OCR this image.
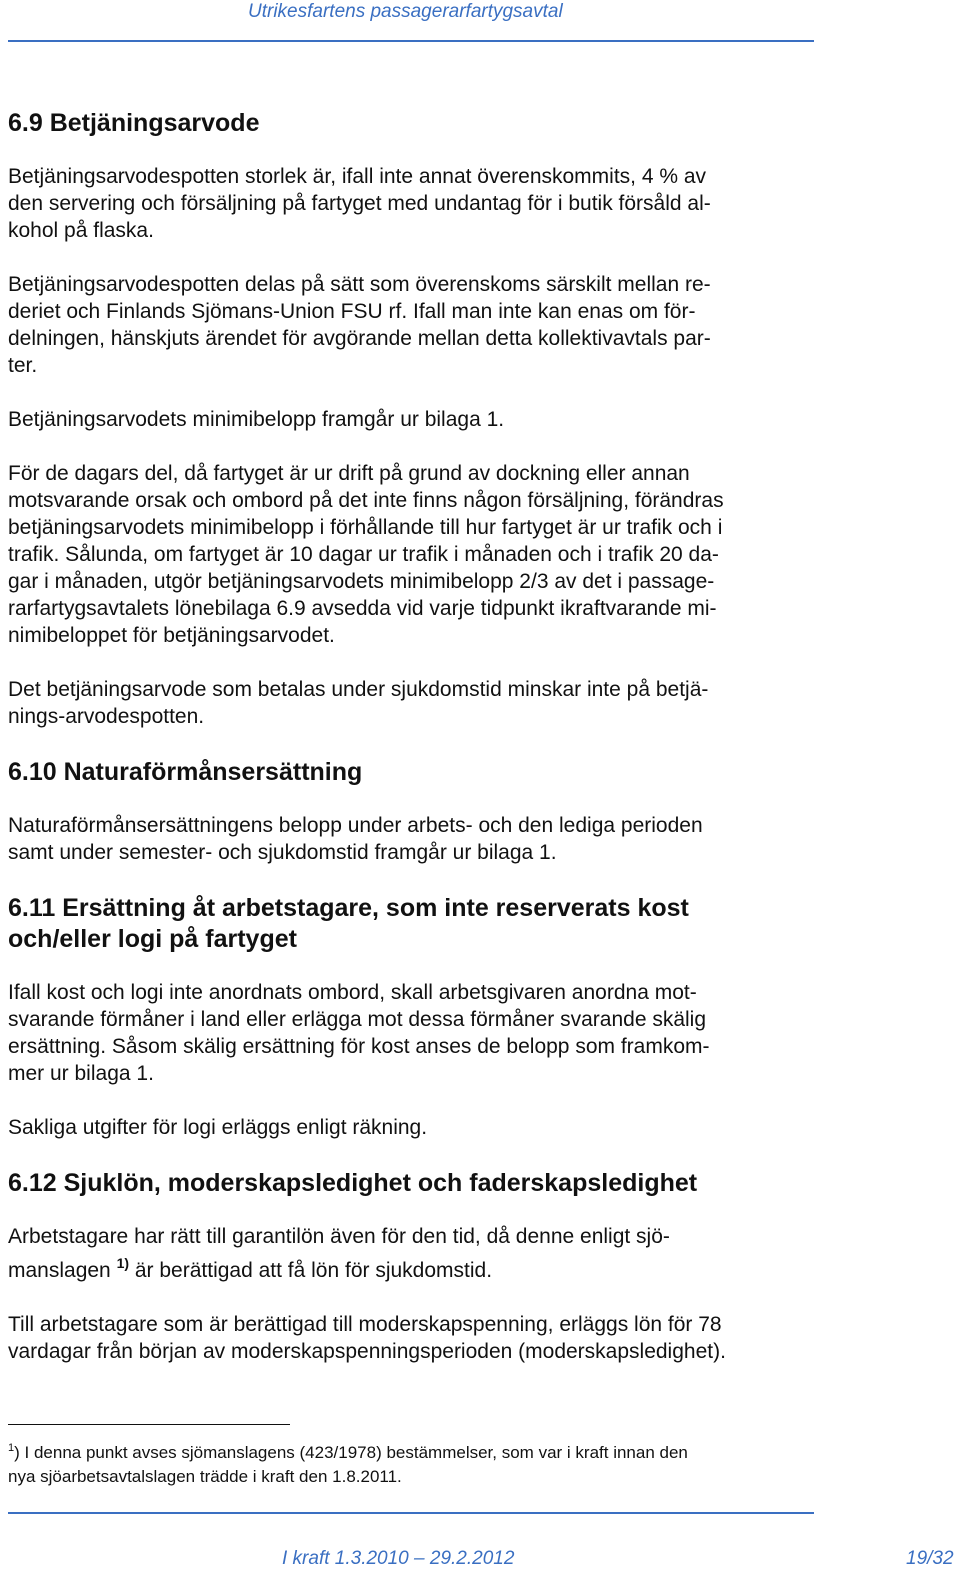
Utrikesfartens passagerarfartygsavtal
6.9 Betjäningsarvode

Betjäningsarvodespotten storlek är, ifall inte annat överenskommits, 4 % av
den servering och försäljning på fartyget med undantag för i butik försåld al-
kohol på flaska.

Betjäningsarvodespotten delas på sätt som överenskoms särskilt mellan re-
deriet och Finlands Sjömans-Union FSU rf. Ifall man inte kan enas om för-
delningen, hänskjuts ärendet för avgörande mellan detta kollektivavtals par-
ter.

Betjäningsarvodets minimibelopp framgår ur bilaga 1.

För de dagars del, då fartyget är ur drift på grund av dockning eller annan
motsvarande orsak och ombord på det inte finns någon försäljning, förändras
betjäningsarvodets minimibelopp i förhållande till hur fartyget är ur trafik och i
trafik. Sålunda, om fartyget är 10 dagar ur trafik i månaden och i trafik 20 da-
gar i månaden, utgör betjäningsarvodets minimibelopp 2/3 av det i passage-
rarfartygsavtalets lönebilaga 6.9 avsedda vid varje tidpunkt ikraftvarande mi-
nimibeloppet för betjäningsarvodet.

Det betjäningsarvode som betalas under sjukdomstid minskar inte på betjä-
nings-arvodespotten.

6.10 Naturaförmånsersättning

Naturaförmånsersättningens belopp under arbets- och den lediga perioden
samt under semester- och sjukdomstid framgår ur bilaga 1.

6.11 Ersättning åt arbetstagare, som inte reserverats kost
och/eller logi på fartyget

Ifall kost och logi inte anordnats ombord, skall arbetsgivaren anordna mot-
svarande förmåner i land eller erlägga mot dessa förmåner svarande skälig
ersättning. Såsom skälig ersättning för kost anses de belopp som framkom-
mer ur bilaga 1.

Sakliga utgifter för logi erläggs enligt räkning.

6.12 Sjuklön, moderskapsledighet och faderskapsledighet

Arbetstagare har rätt till garantilön även för den tid, då denne enligt sjö-
manslagen $^{1)}$ är berättigad att få lön för sjukdomstid.

Till arbetstagare som är berättigad till moderskapspenning, erläggs lön för 78
vardagar från början av moderskapspenningsperioden (moderskapsledighet).

$^1$) I denna punkt avses sjömanslagens (423/1978) bestämmelser, som var i kraft innan den
nya sjöarbetsavtalslagen trädde i kraft den 1.8.2011.
I kraft 1.3.2010 – 29.2.2012	19/32
